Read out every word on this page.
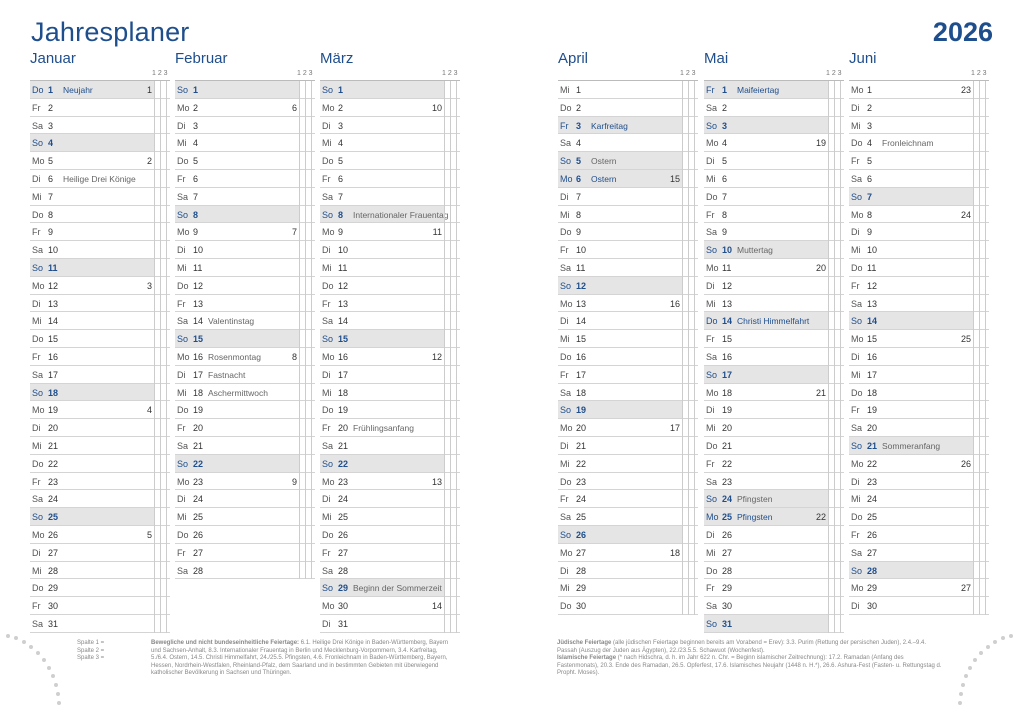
Jahresplaner	2026
Januar
1 2 3
Do 1 Neujahr	1
Fr 2
Sa 3
So 4
Mo 5	2
Di 6 Heilige Drei Könige
Mi 7
Do 8
Fr 9
Sa 10
So 11
Mo 12	3
Di 13
Mi 14
Do 15
Fr 16
Sa 17
So 18
Mo 19	4
Di 20
Mi 21
Do 22
Fr 23
Sa 24
So 25
Mo 26	5
Di 27
Mi 28
Do 29
Fr 30
Sa 31
Februar
1 2 3
So 1
Mo 2	6
Di 3
Mi 4
Do 5
Fr 6
Sa 7
So 8
Mo 9	7
Di 10
Mi 11
Do 12
Fr 13
Sa 14 Valentinstag
So 15
Mo 16 Rosenmontag	8
Di 17 Fastnacht
Mi 18 Aschermittwoch
Do 19
Fr 20
Sa 21
So 22
Mo 23	9
Di 24
Mi 25
Do 26
Fr 27
Sa 28
März
1 2 3
So 1
Mo 2	10
Di 3
Mi 4
Do 5
Fr 6
Sa 7
So 8 Internationaler Frauentag
Mo 9	11
Di 10
Mi 11
Do 12
Fr 13
Sa 14
So 15
Mo 16	12
Di 17
Mi 18
Do 19
Fr 20 Frühlingsanfang
Sa 21
So 22
Mo 23	13
Di 24
Mi 25
Do 26
Fr 27
Sa 28
So 29 Beginn der Sommerzeit
Mo 30	14
Di 31
April
1 2 3
Mi 1
Do 2
Fr 3 Karfreitag
Sa 4
So 5 Ostern
Mo 6 Ostern	15
Di 7
Mi 8
Do 9
Fr 10
Sa 11
So 12
Mo 13	16
Di 14
Mi 15
Do 16
Fr 17
Sa 18
So 19
Mo 20	17
Di 21
Mi 22
Do 23
Fr 24
Sa 25
So 26
Mo 27	18
Di 28
Mi 29
Do 30
Mai
1 2 3
Fr 1 Maifeiertag
Sa 2
So 3
Mo 4	19
Di 5
Mi 6
Do 7
Fr 8
Sa 9
So 10 Muttertag
Mo 11	20
Di 12
Mi 13
Do 14 Christi Himmelfahrt
Fr 15
Sa 16
So 17
Mo 18	21
Di 19
Mi 20
Do 21
Fr 22
Sa 23
So 24 Pfingsten
Mo 25 Pfingsten	22
Di 26
Mi 27
Do 28
Fr 29
Sa 30
So 31
Juni
1 2 3
Mo 1	23
Di 2
Mi 3
Do 4 Fronleichnam
Fr 5
Sa 6
So 7
Mo 8	24
Di 9
Mi 10
Do 11
Fr 12
Sa 13
So 14
Mo 15	25
Di 16
Mi 17
Do 18
Fr 19
Sa 20
So 21 Sommeranfang
Mo 22	26
Di 23
Mi 24
Do 25
Fr 26
Sa 27
So 28
Mo 29	27
Di 30
Spalte 1 =
Spalte 2 =
Spalte 3 =
Bewegliche und nicht bundeseinheitliche Feiertage: 6.1. Heilige Drei Könige in Baden-Württemberg, Bayern und Sachsen-Anhalt, 8.3. Internationaler Frauentag in Berlin und Mecklenburg-Vorpommern, 3.4. Karfreitag, 5./6.4. Ostern, 14.5. Christi Himmelfahrt, 24./25.5. Pfingsten, 4.6. Fronleichnam in Baden-Württemberg, Bayern, Hessen, Nordrhein-Westfalen, Rheinland-Pfalz, dem Saarland und in bestimmten Gebieten mit überwiegend katholischer Bevölkerung in Sachsen und Thüringen.
Jüdische Feiertage (alle jüdischen Feiertage beginnen bereits am Vorabend = Erev): 3.3. Purim (Rettung der persischen Juden), 2.4.–9.4. Passah (Auszug der Juden aus Ägypten), 22./23.5.5. Schawuot (Wochenfest).
Islamische Feiertage (* nach Hidschra, d. h. im Jahr 622 n. Chr. = Beginn islamischer Zeitrechnung): 17.2. Ramadan (Anfang des Fastenmonats), 20.3. Ende des Ramadan, 26.5. Opferfest, 17.6. Islamisches Neujahr (1448 n. H.*), 26.6. Ashura-Fest (Fasten- u. Rettungstag d. Propht. Moses).
